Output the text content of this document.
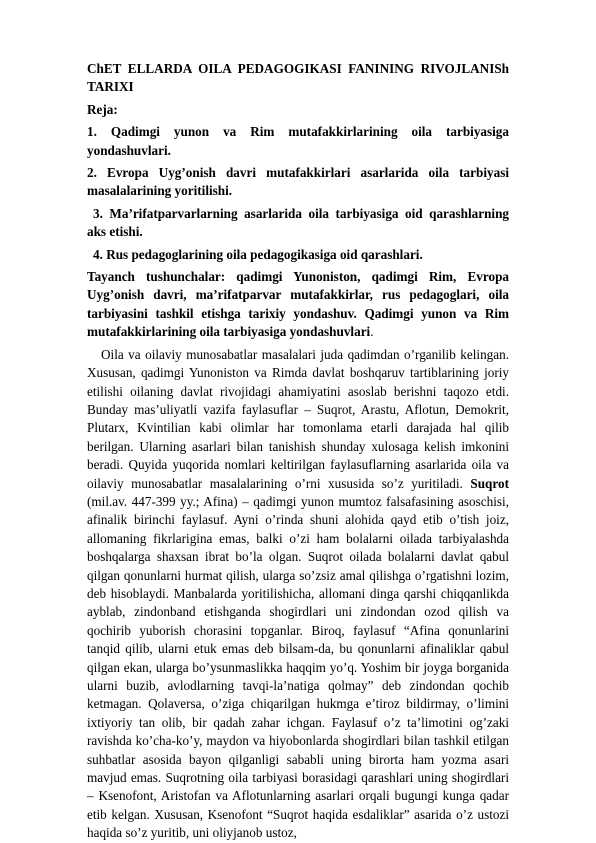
ChET ELLARDA OILA PEDAGOGIKASI FANINING RIVOJLANISh TARIXI

Reja:

1. Qadimgi yunon va Rim mutafakkirlarining oila tarbiyasiga yondashuvlari.

2. Evropa Uyg’onish davri mutafakkirlari asarlarida oila tarbiyasi masalalarining yoritilishi.

3. Ma’rifatparvarlarning asarlarida oila tarbiyasiga oid qarashlarning aks etishi.

4. Rus pedagoglarining oila pedagogikasiga oid qarashlari.

Tayanch tushunchalar: qadimgi Yunoniston, qadimgi Rim, Evropa Uyg’onish davri, ma’rifatparvar mutafakkirlar, rus pedagoglari, oila tarbiyasini tashkil etishga tarixiy yondashuv. Qadimgi yunon va Rim mutafakkirlarining oila tarbiyasiga yondashuvlari.

Oila va oilaviy munosabatlar masalalari juda qadimdan o’rganilib kelingan. Xususan, qadimgi Yunoniston va Rimda davlat boshqaruv tartiblarining joriy etilishi oilaning davlat rivojidagi ahamiyatini asoslab berishni taqozo etdi. Bunday mas’uliyatli vazifa faylasuflar – Suqrot, Arastu, Aflotun, Demokrit, Plutarx, Kvintilian kabi olimlar har tomonlama etarli darajada hal qilib berilgan. Ularning asarlari bilan tanishish shunday xulosaga kelish imkonini beradi. Quyida yuqorida nomlari keltirilgan faylasuflarning asarlarida oila va oilaviy munosabatlar masalalarining o’rni xususida so’z yuritiladi. Suqrot (mil.av. 447-399 yy.; Afina) – qadimgi yunon mumtoz falsafasining asoschisi, afinalik birinchi faylasuf. Ayni o’rinda shuni alohida qayd etib o’tish joiz, allomaning fikrlarigina emas, balki o’zi ham bolalarni oilada tarbiyalashda boshqalarga shaxsan ibrat bo’la olgan. Suqrot oilada bolalarni davlat qabul qilgan qonunlarni hurmat qilish, ularga so’zsiz amal qilishga o’rgatishni lozim, deb hisoblaydi. Manbalarda yoritilishicha, allomani dinga qarshi chiqqanlikda ayblab, zindonband etishganda shogirdlari uni zindondan ozod qilish va qochirib yuborish chorasini topganlar. Biroq, faylasuf “Afina qonunlarini tanqid qilib, ularni etuk emas deb bilsam-da, bu qonunlarni afinaliklar qabul qilgan ekan, ularga bo’ysunmaslikka haqqim yo’q. Yoshim bir joyga borganida ularni buzib, avlodlarning tavqi-la’natiga qolmay” deb zindondan qochib ketmagan. Qolaversa, o’ziga chiqarilgan hukmga e’tiroz bildirmay, o’limini ixtiyoriy tan olib, bir qadah zahar ichgan. Faylasuf o’z ta’limotini og’zaki ravishda ko’cha-ko’y, maydon va hiyobonlarda shogirdlari bilan tashkil etilgan suhbatlar asosida bayon qilganligi sababli uning birorta ham yozma asari mavjud emas. Suqrotning oila tarbiyasi borasidagi qarashlari uning shogirdlari – Ksenofont, Aristofan va Aflotunlarning asarlari orqali bugungi kunga qadar etib kelgan. Xususan, Ksenofont “Suqrot haqida esdaliklar” asarida o’z ustozi haqida so’z yuritib, uni oliyjanob ustoz,
